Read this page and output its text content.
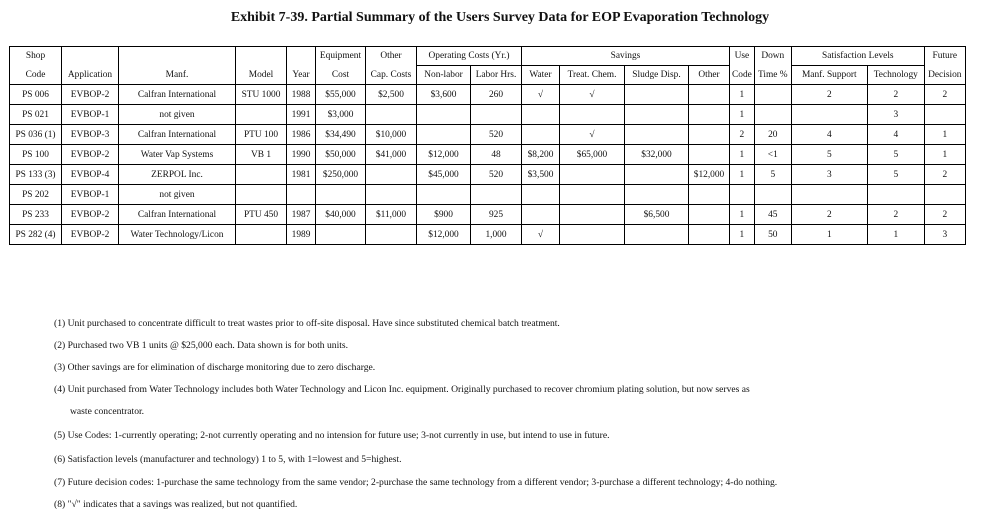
Exhibit 7-39. Partial Summary of the Users Survey Data for EOP Evaporation Technology
Shop					Equipment	Other	Operating Costs (Yr.)		Savings				Use	Down	Satisfaction Levels		Future
Code	Application	Manf.	Model	Year	Cost	Cap. Costs	Non-labor	Labor Hrs.	Water	Treat. Chem.	Sludge Disp.	Other	Code	Time %	Manf. Support	Technology	Decision
PS 006	EVBOP-2	Calfran International	STU 1000	1988	$55,000	$2,500	$3,600	260	√	√			1		2	2	2
PS 021	EVBOP-1	not given		1991	$3,000								1			3	
PS 036 (1)	EVBOP-3	Calfran International	PTU 100	1986	$34,490	$10,000		520		√			2	20	4	4	1
PS 100	EVBOP-2	Water Vap Systems	VB 1	1990	$50,000	$41,000	$12,000	48	$8,200	$65,000	$32,000		1	<1	5	5	1
PS 133 (3)	EVBOP-4	ZERPOL Inc.		1981	$250,000		$45,000	520	$3,500			$12,000	1	5	3	5	2
PS 202	EVBOP-1	not given															
PS 233	EVBOP-2	Calfran International	PTU 450	1987	$40,000	$11,000	$900	925			$6,500		1	45	2	2	2
PS 282 (4)	EVBOP-2	Water Technology/Licon		1989			$12,000	1,000	√				1	50	1	1	3
(1) Unit purchased to concentrate difficult to treat wastes prior to off-site disposal. Have since substituted chemical batch treatment.
(2) Purchased two VB 1 units @ $25,000 each. Data shown is for both units.
(3) Other savings are for elimination of discharge monitoring due to zero discharge.
(4) Unit purchased from Water Technology includes both Water Technology and Licon Inc. equipment. Originally purchased to recover chromium plating solution, but now serves as
waste concentrator.
(5) Use Codes: 1-currently operating; 2-not currently operating and no intension for future use; 3-not currently in use, but intend to use in future.
(6) Satisfaction levels (manufacturer and technology) 1 to 5, with 1=lowest and 5=highest.
(7) Future decision codes: 1-purchase the same technology from the same vendor; 2-purchase the same technology from a different vendor; 3-purchase a different technology; 4-do nothing.
(8) "√" indicates that a savings was realized, but not quantified.
